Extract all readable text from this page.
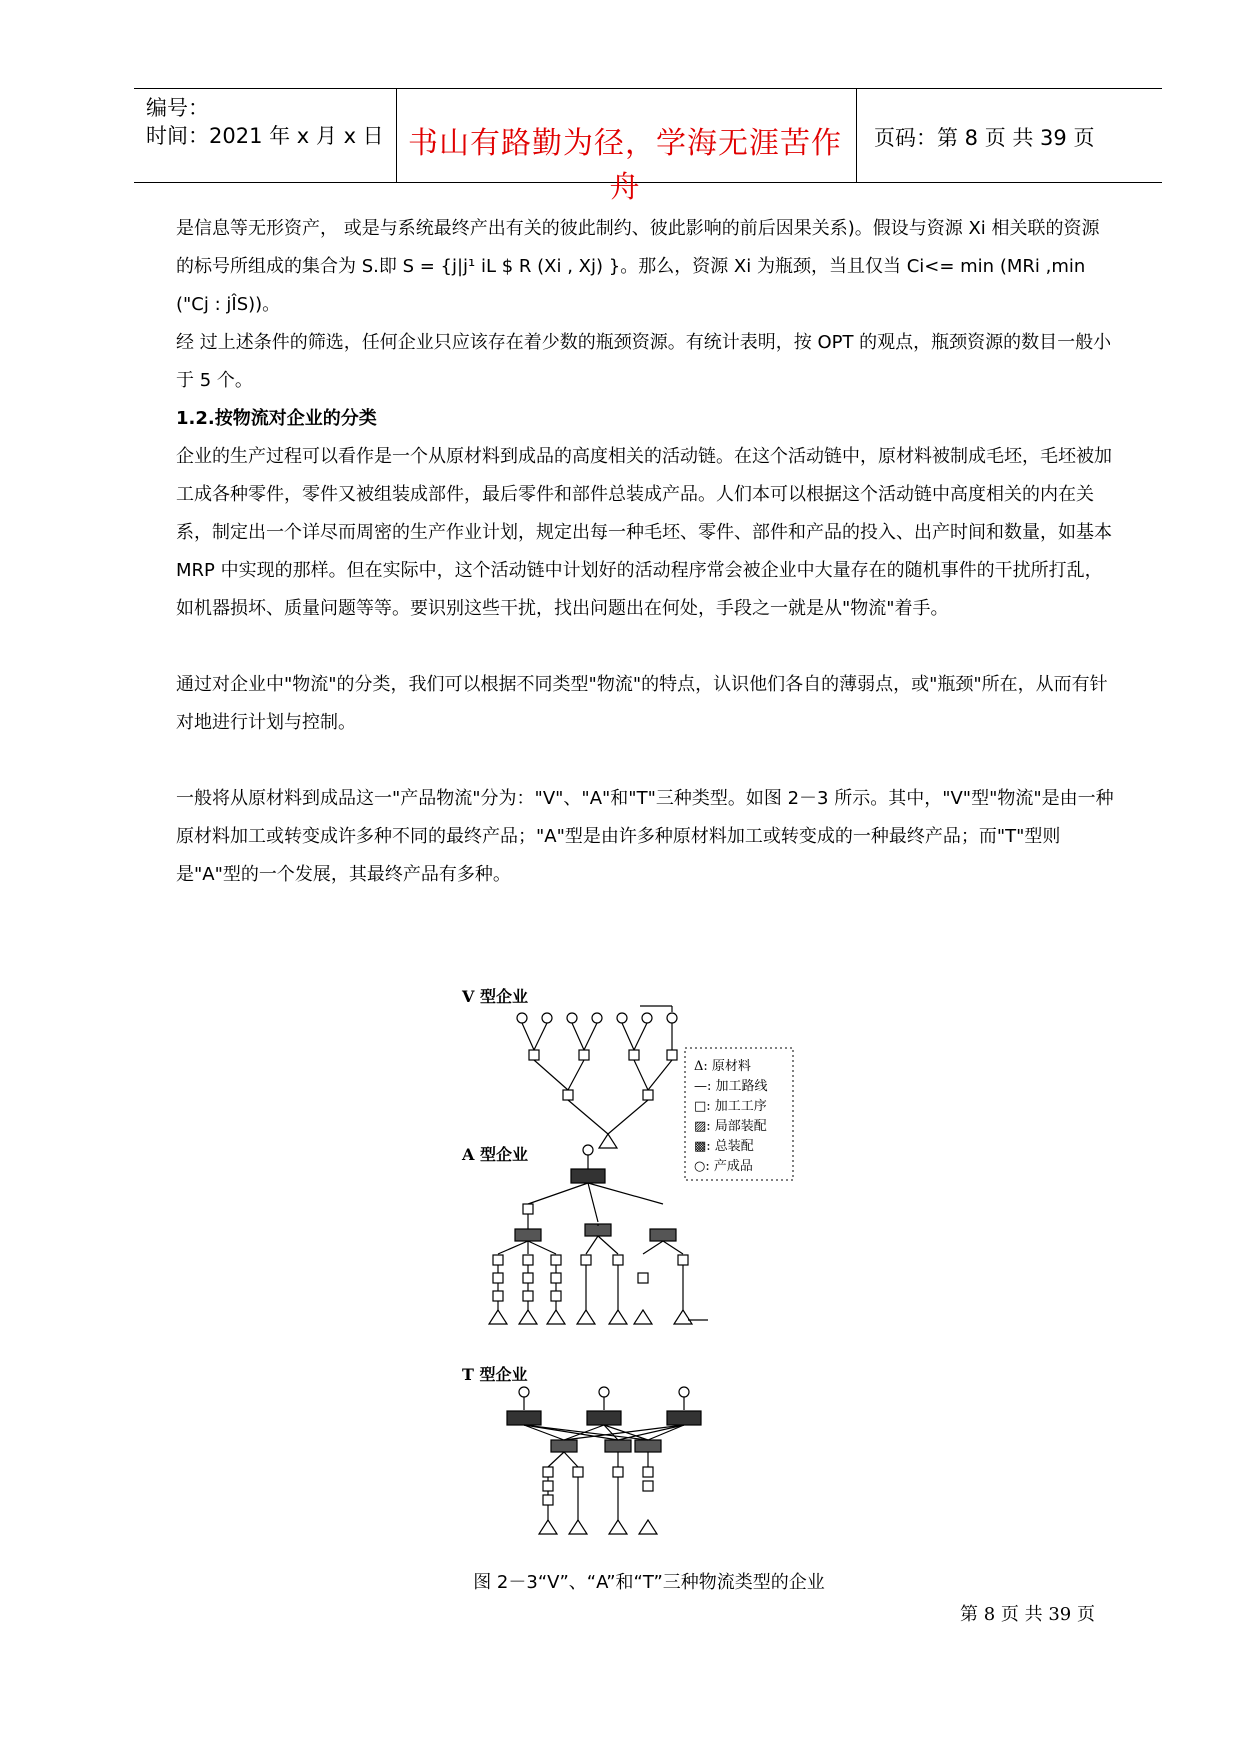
编号：
时间：2021 年 x 月 x 日 书山有路勤为径，学海无涯苦作舟
页码：第 8 页 共 39 页

是信息等无形资产， 或是与系统最终产出有关的彼此制约、彼此影响的前后因果关系)。假设与资源 Xi 相关联的资源的标号所组成的集合为 S.即 S = {j|j¹ iL $ R (Xi , Xj) }。那么，资源 Xi 为瓶颈，当且仅当 Ci<= min (MRi ,min ("Cj : jÎS))。

经 过上述条件的筛选，任何企业只应该存在着少数的瓶颈资源。有统计表明，按 OPT 的观点，瓶颈资源的数目一般小于 5 个。

1.2.按物流对企业的分类

企业的生产过程可以看作是一个从原材料到成品的高度相关的活动链。在这个活动链中，原材料被制成毛坯，毛坯被加工成各种零件，零件又被组装成部件，最后零件和部件总装成产品。人们本可以根据这个活动链中高度相关的内在关系，制定出一个详尽而周密的生产作业计划，规定出每一种毛坯、零件、部件和产品的投入、出产时间和数量，如基本 MRP 中实现的那样。但在实际中，这个活动链中计划好的活动程序常会被企业中大量存在的随机事件的干扰所打乱，如机器损坏、质量问题等等。要识别这些干扰，找出问题出在何处，手段之一就是从"物流"着手。

通过对企业中"物流"的分类，我们可以根据不同类型"物流"的特点，认识他们各自的薄弱点，或"瓶颈"所在，从而有针对地进行计划与控制。

一般将从原材料到成品这一"产品物流"分为："V"、"A"和"T"三种类型。如图 2－3 所示。其中，"V"型"物流"是由一种原材料加工或转变成许多种不同的最终产品；"A"型是由许多种原材料加工或转变成的一种最终产品；而"T"型则是"A"型的一个发展，其最终产品有多种。

V 型企业
A 型企业
T 型企业
Δ: 原材料
—: 加工路线
□: 加工工序
▨: 局部装配
▩: 总装配
○: 产成品
图 2－3“V”、“A”和“T”三种物流类型的企业
第 8 页 共 39 页
